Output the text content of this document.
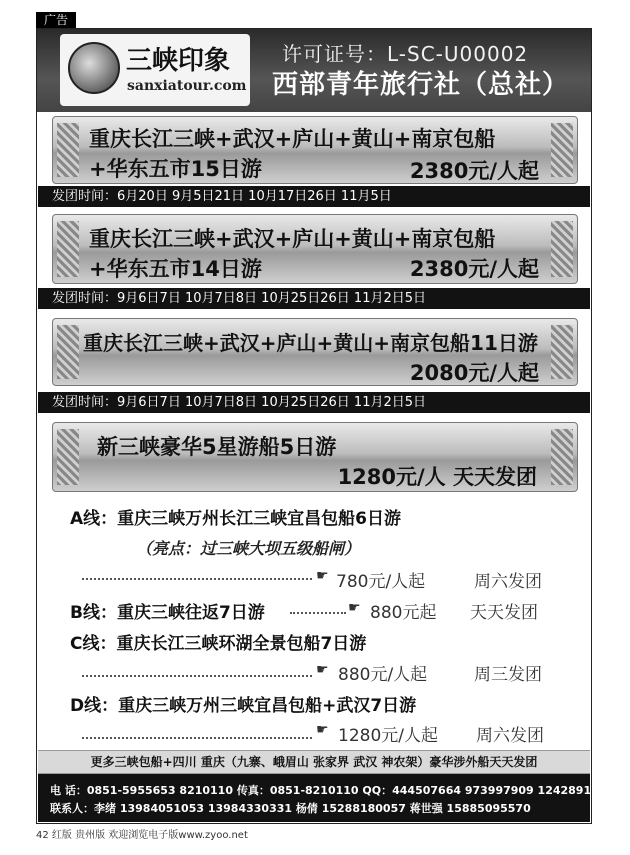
广告
三峡印象
sanxiatour.com
许可证号：L-SC-U00002
西部青年旅行社（总社）
重庆长江三峡+武汉+庐山+黄山+南京包船
+华东五市15日游	2380元/人起
发团时间：6月20日 9月5日21日 10月17日26日 11月5日
重庆长江三峡+武汉+庐山+黄山+南京包船
+华东五市14日游	2380元/人起
发团时间：9月6日7日 10月7日8日 10月25日26日 11月2日5日
重庆长江三峡+武汉+庐山+黄山+南京包船11日游
2080元/人起
发团时间：9月6日7日 10月7日8日 10月25日26日 11月2日5日
新三峡豪华5星游船5日游
1280元/人 天天发团
A线：重庆三峡万州长江三峡宜昌包船6日游
（亮点：过三峡大坝五级船闸）
☛ 780元/人起	周六发团
B线：重庆三峡往返7日游	☛ 880元起 天天发团
C线：重庆长江三峡环湖全景包船7日游
☛ 880元/人起	周三发团
D线：重庆三峡万州三峡宜昌包船+武汉7日游
☛ 1280元/人起 周六发团
更多三峡包船+四川 重庆（九寨、峨眉山 张家界 武汉 神农架）豪华涉外船天天发团
电 话：0851-5955653 8210110 传真：0851-8210110 QQ：444507664 973997909 124289115
联系人：李绪 13984051053 13984330331 杨倩 15288180057 蒋世强 15885095570
42 红版 贵州版 欢迎浏览电子版www.zyoo.net
